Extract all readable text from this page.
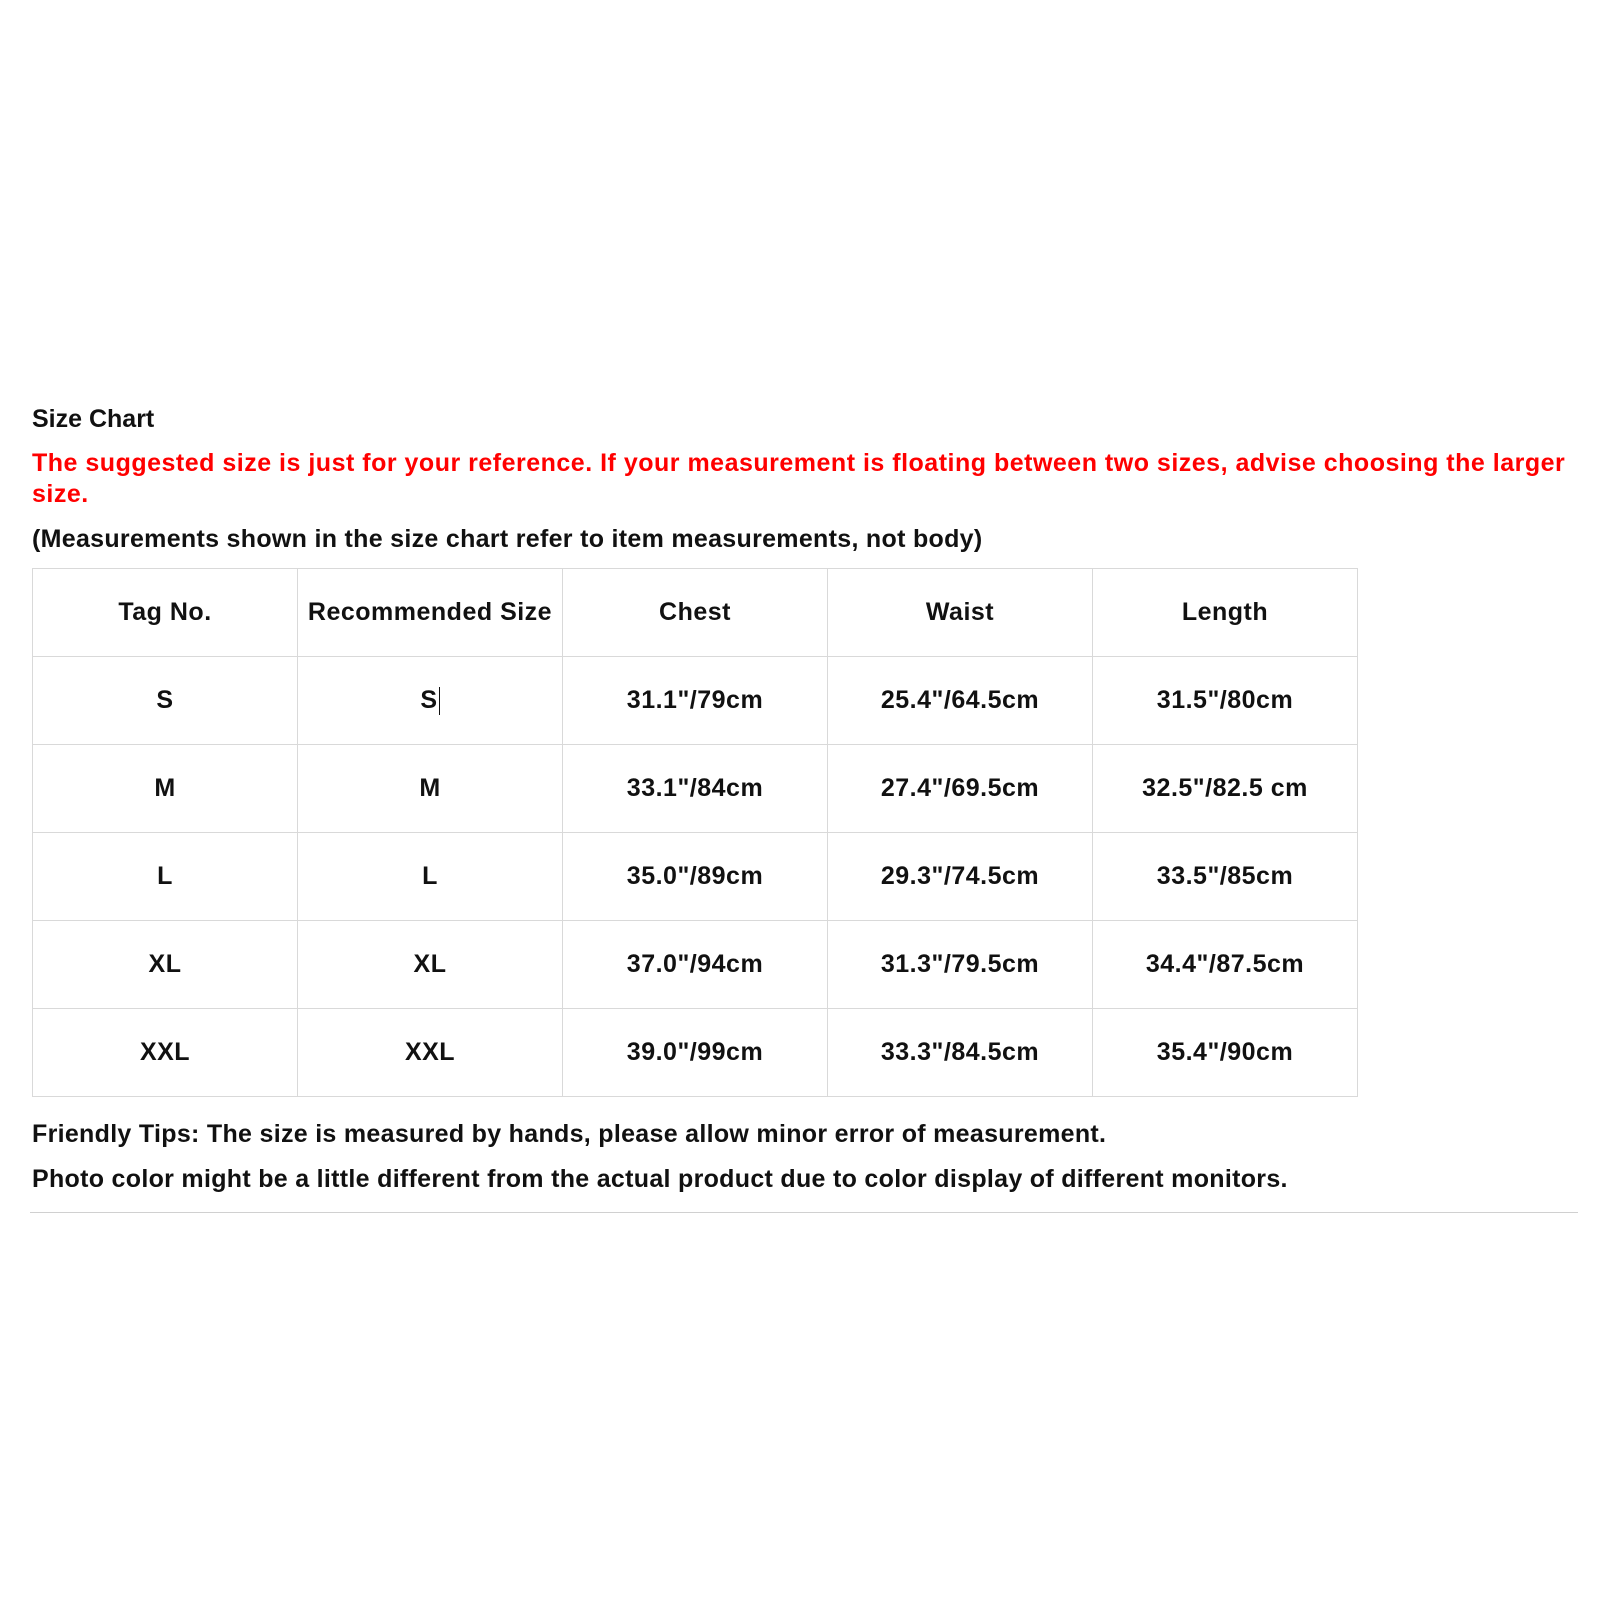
Size Chart
The suggested size is just for your reference. If your measurement is floating between two sizes, advise choosing the larger size.
(Measurements shown in the size chart refer to item measurements, not body)
Tag No.	Recommended Size	Chest	Waist	Length
S	S	31.1"/79cm	25.4"/64.5cm	31.5"/80cm
M	M	33.1"/84cm	27.4"/69.5cm	32.5"/82.5 cm
L	L	35.0"/89cm	29.3"/74.5cm	33.5"/85cm
XL	XL	37.0"/94cm	31.3"/79.5cm	34.4"/87.5cm
XXL	XXL	39.0"/99cm	33.3"/84.5cm	35.4"/90cm
Friendly Tips: The size is measured by hands, please allow minor error of measurement.
Photo color might be a little different from the actual product due to color display of different monitors.
